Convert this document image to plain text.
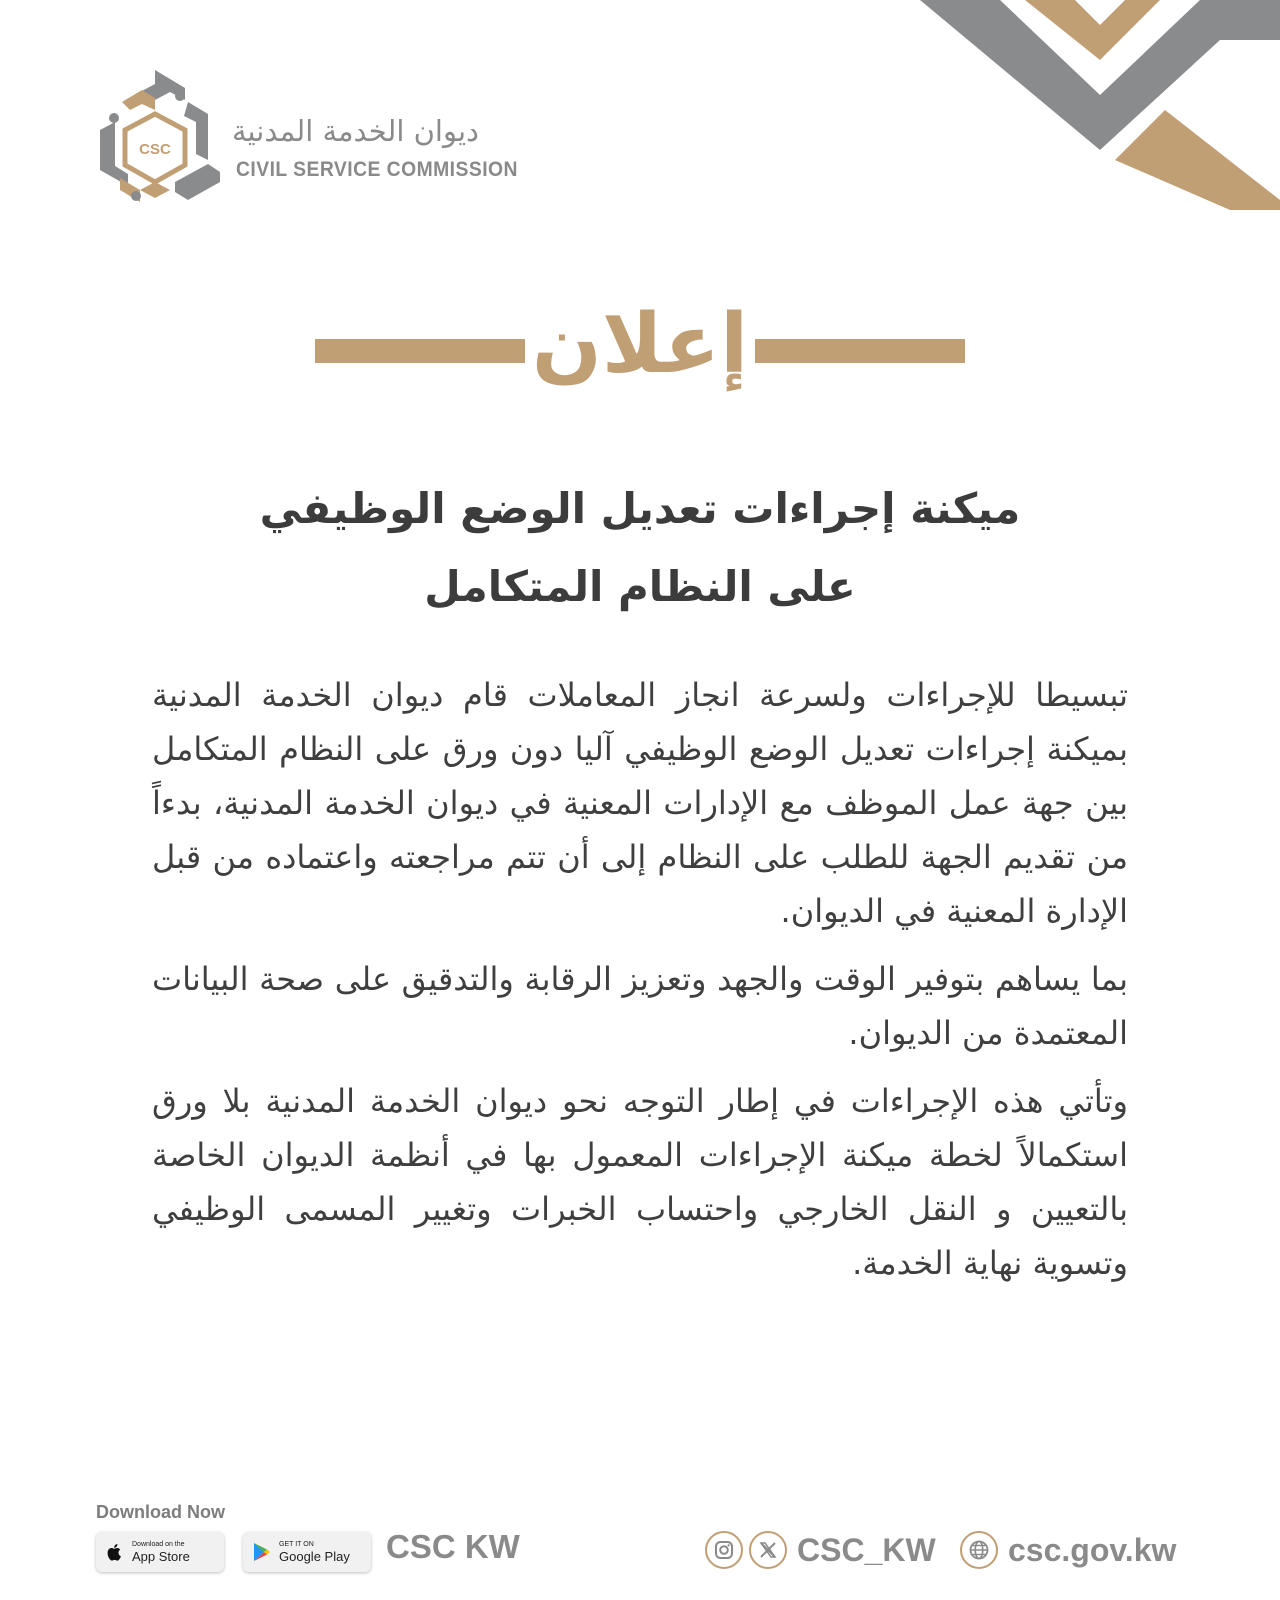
CSC
ديوان الخدمة المدنية
CIVIL SERVICE COMMISSION
إعلان
ميكنة إجراءات تعديل الوضع الوظيفي
على النظام المتكامل

تبسيطا للإجراءات ولسرعة انجاز المعاملات قام ديوان الخدمة المدنية بميكنة إجراءات تعديل الوضع الوظيفي آليا دون ورق على النظام المتكامل بين جهة عمل الموظف مع الإدارات المعنية في ديوان الخدمة المدنية، بدءاً من تقديم الجهة للطلب على النظام إلى أن تتم مراجعته واعتماده من قبل الإدارة المعنية في الديوان.

بما يساهم بتوفير الوقت والجهد وتعزيز الرقابة والتدقيق على صحة البيانات المعتمدة من الديوان.

وتأتي هذه الإجراءات في إطار التوجه نحو ديوان الخدمة المدنية بلا ورق استكمالاً لخطة ميكنة الإجراءات المعمول بها في أنظمة الديوان الخاصة بالتعيين و النقل الخارجي واحتساب الخبرات وتغيير المسمى الوظيفي وتسوية نهاية الخدمة.

Download Now
Download on the
App Store
GET IT ON
Google Play CSC KW	CSC_KW csc.gov.kw
